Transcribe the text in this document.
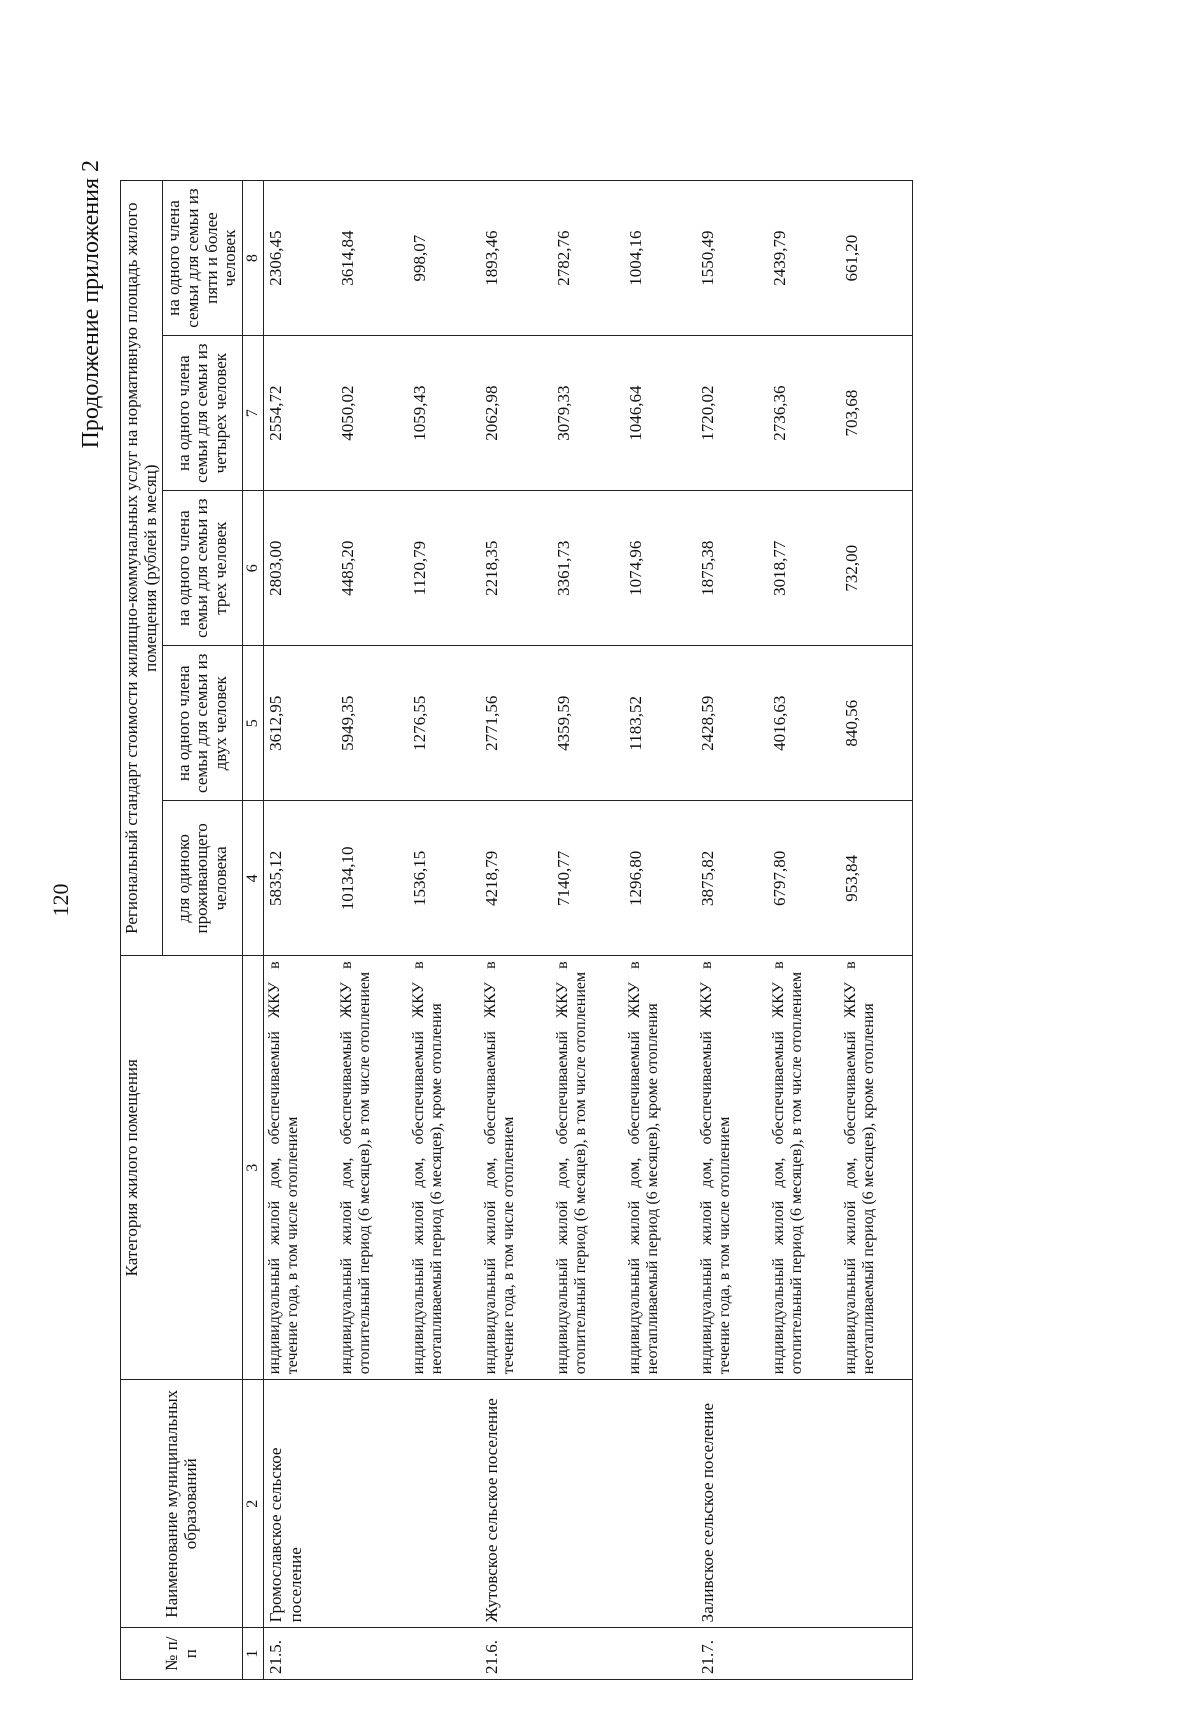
120
Продолжение приложения 2
№ п/п	Наименование муниципальных образований	Категория жилого помещения	Региональный стандарт стоимости жилищно-коммунальных услуг на нормативную площадь жилого помещения (рублей в месяц)				
			для одиноко проживающего человека	на одного члена семьи для семьи из двух человек	на одного члена семьи для семьи из трех человек	на одного члена семьи для семьи из четырех человек	на одного члена семьи для семьи из пяти и более человек
1	2	3	4	5	6	7	8
21.5.	Громославское сельское поселение	индивидуальный жилой дом, обеспечиваемый ЖКУ в течение года, в том числе отоплением	5835,12	3612,95	2803,00	2554,72	2306,45
		индивидуальный жилой дом, обеспечиваемый ЖКУ в отопительный период (6 месяцев), в том числе отоплением	10134,10	5949,35	4485,20	4050,02	3614,84
		индивидуальный жилой дом, обеспечиваемый ЖКУ в неотапливаемый период (6 месяцев), кроме отопления	1536,15	1276,55	1120,79	1059,43	998,07
21.6.	Жутовское сельское поселение	индивидуальный жилой дом, обеспечиваемый ЖКУ в течение года, в том числе отоплением	4218,79	2771,56	2218,35	2062,98	1893,46
		индивидуальный жилой дом, обеспечиваемый ЖКУ в отопительный период (6 месяцев), в том числе отоплением	7140,77	4359,59	3361,73	3079,33	2782,76
		индивидуальный жилой дом, обеспечиваемый ЖКУ в неотапливаемый период (6 месяцев), кроме отопления	1296,80	1183,52	1074,96	1046,64	1004,16
21.7.	Заливское сельское поселение	индивидуальный жилой дом, обеспечиваемый ЖКУ в течение года, в том числе отоплением	3875,82	2428,59	1875,38	1720,02	1550,49
		индивидуальный жилой дом, обеспечиваемый ЖКУ в отопительный период (6 месяцев), в том числе отоплением	6797,80	4016,63	3018,77	2736,36	2439,79
		индивидуальный жилой дом, обеспечиваемый ЖКУ в неотапливаемый период (6 месяцев), кроме отопления	953,84	840,56	732,00	703,68	661,20
